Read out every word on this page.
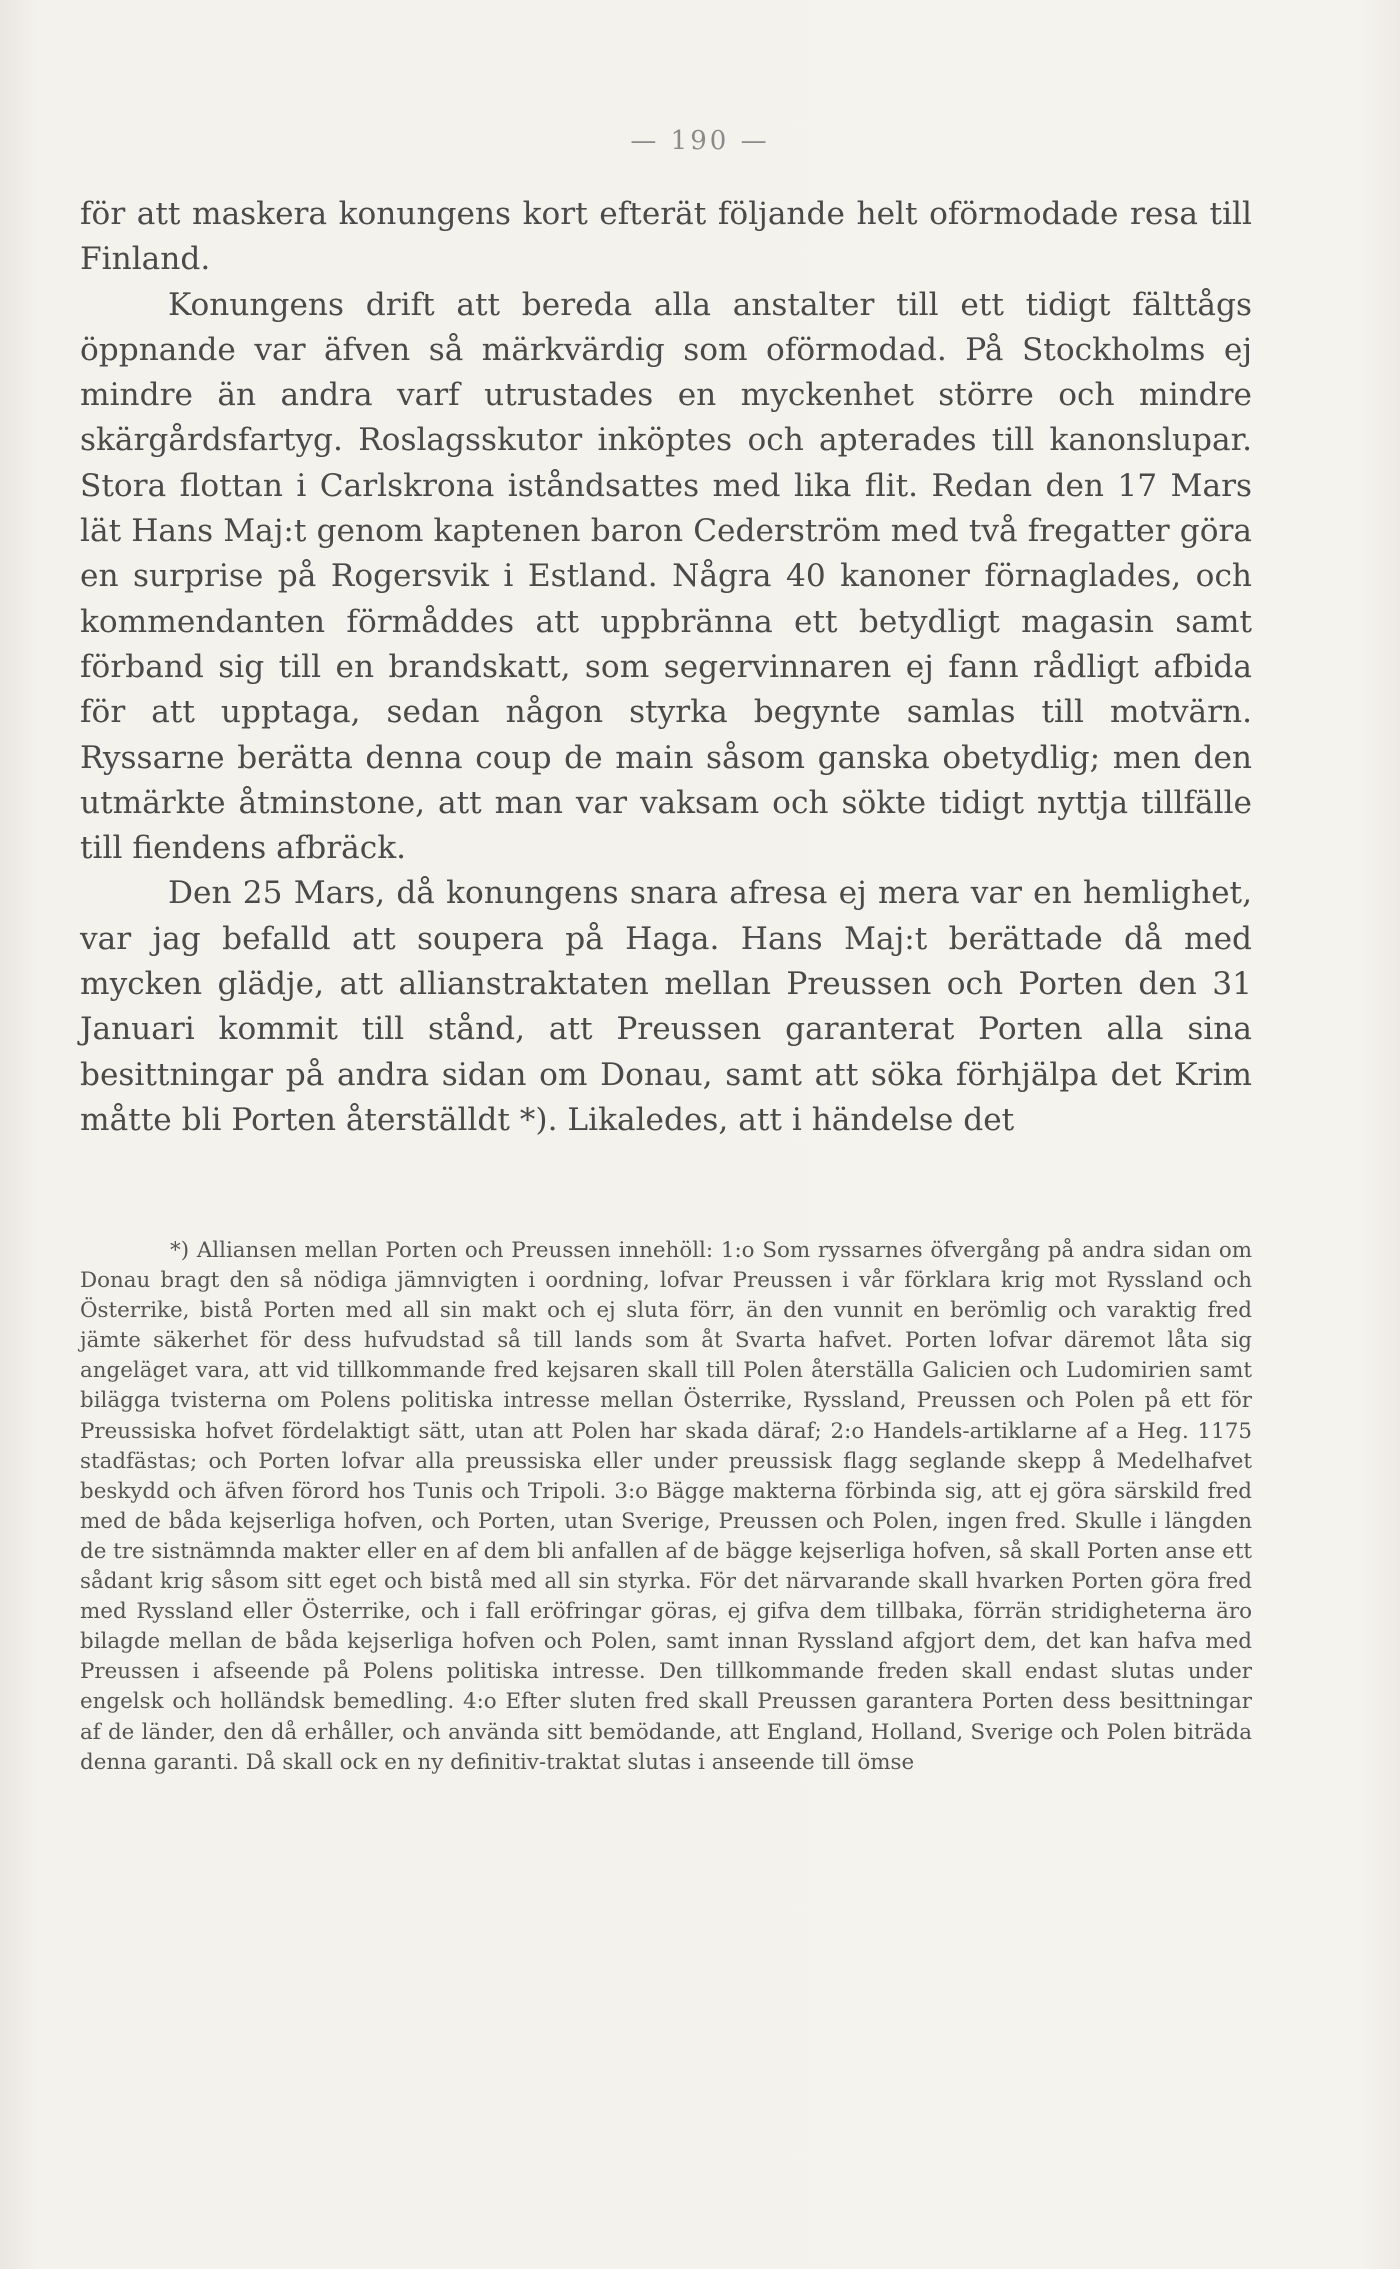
— 190 —

för att maskera konungens kort efterät följande helt oförmodade resa till Finland.

Konungens drift att bereda alla anstalter till ett tidigt fälttågs öppnande var äfven så märkvärdig som oförmodad. På Stockholms ej mindre än andra varf utrustades en myckenhet större och mindre skärgårdsfartyg. Roslagsskutor inköptes och apterades till kanonslupar. Stora flottan i Carlskrona iståndsattes med lika flit. Redan den 17 Mars lät Hans Maj:t genom kaptenen baron Cederström med två fregatter göra en surprise på Rogersvik i Estland. Några 40 kanoner förnaglades, och kommendanten förmåddes att uppbränna ett betydligt magasin samt förband sig till en brandskatt, som segervinnaren ej fann rådligt afbida för att upptaga, sedan någon styrka begynte samlas till motvärn. Ryssarne berätta denna coup de main såsom ganska obetydlig; men den utmärkte åtminstone, att man var vaksam och sökte tidigt nyttja tillfälle till fiendens afbräck.

Den 25 Mars, då konungens snara afresa ej mera var en hemlighet, var jag befalld att soupera på Haga. Hans Maj:t berättade då med mycken glädje, att allianstraktaten mellan Preussen och Porten den 31 Januari kommit till stånd, att Preussen garanterat Porten alla sina besittningar på andra sidan om Donau, samt att söka förhjälpa det Krim måtte bli Porten återställdt *). Likaledes, att i händelse det

*) Alliansen mellan Porten och Preussen innehöll: 1:o Som ryssarnes öfvergång på andra sidan om Donau bragt den så nödiga jämnvigten i oordning, lofvar Preussen i vår förklara krig mot Ryssland och Österrike, bistå Porten med all sin makt och ej sluta förr, än den vunnit en berömlig och varaktig fred jämte säkerhet för dess hufvudstad så till lands som åt Svarta hafvet. Porten lofvar däremot låta sig angeläget vara, att vid tillkommande fred kejsaren skall till Polen återställa Galicien och Ludomirien samt bilägga tvisterna om Polens politiska intresse mellan Österrike, Ryssland, Preussen och Polen på ett för Preussiska hofvet fördelaktigt sätt, utan att Polen har skada däraf; 2:o Handels-artiklarne af a Heg. 1175 stadfästas; och Porten lofvar alla preussiska eller under preussisk flagg seglande skepp å Medelhafvet beskydd och äfven förord hos Tunis och Tripoli. 3:o Bägge makterna förbinda sig, att ej göra särskild fred med de båda kejserliga hofven, och Porten, utan Sverige, Preussen och Polen, ingen fred. Skulle i längden de tre sistnämnda makter eller en af dem bli anfallen af de bägge kejserliga hofven, så skall Porten anse ett sådant krig såsom sitt eget och bistå med all sin styrka. För det närvarande skall hvarken Porten göra fred med Ryssland eller Österrike, och i fall eröfringar göras, ej gifva dem tillbaka, förrän stridigheterna äro bilagde mellan de båda kejserliga hofven och Polen, samt innan Ryssland afgjort dem, det kan hafva med Preussen i afseende på Polens politiska intresse. Den tillkommande freden skall endast slutas under engelsk och holländsk bemedling. 4:o Efter sluten fred skall Preussen garantera Porten dess besittningar af de länder, den då erhåller, och använda sitt bemödande, att England, Holland, Sverige och Polen biträda denna garanti. Då skall ock en ny definitiv-traktat slutas i anseende till ömse
